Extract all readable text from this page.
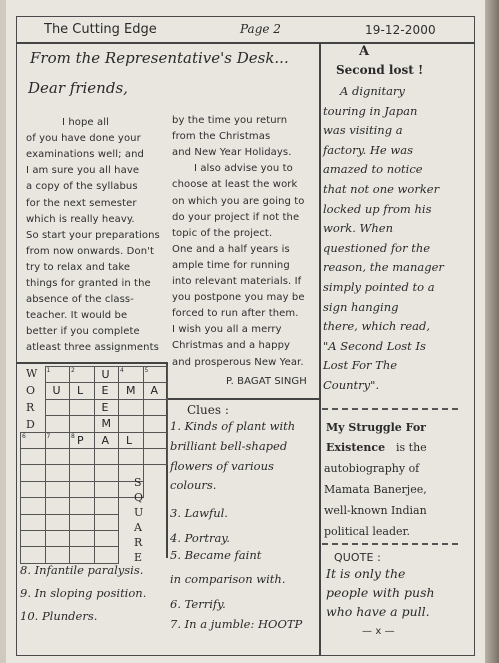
The Cutting Edge	Page 2	19-12-2000
From the Representative's Desk...
Dear friends,
I hope all
of you have done your
examinations well; and
I am sure you all have
a copy of the syllabus
for the next semester
which is really heavy.
So start your preparations
from now onwards. Don't
try to relax and take
things for granted in the
absence of the class-
teacher. It would be
better if you complete
atleast three assignments
by the time you return
from the Christmas
and New Year Holidays.
I also advise you to
choose at least the work
on which you are going to
do your project if not the
topic of the project.
One and a half years is
ample time for running
into relevant materials. If
you postpone you may be
forced to run after them.
I wish you all a merry
Christmas and a happy
and prosperous New Year.
P. BAGAT SINGH
A
Second lost !
A dignitary
touring in Japan
was visiting a
factory. He was
amazed to notice
that not one worker
locked up from his
work. When
questioned for the
reason, the manager
simply pointed to a
sign hanging
there, which read,
"A Second Lost Is
Lost For The
Country".
My Struggle For
Existence is the
autobiography of
Mamata Banerjee,
well-known Indian
political leader.
QUOTE :
It is only the
people with push
who have a pull.
— x —
U
U L E M A
E
M
P A L
1	2	4	5
6	7	8
W
O
R
D
S
Q
U
A
R
E
Clues :
1. Kinds of plant with
brilliant bell-shaped
flowers of various
colours.
3. Lawful.
4. Portray.
5. Became faint
in comparison with.
6. Terrify.
7. In a jumble: HOOTP
8. Infantile paralysis.
9. In sloping position.
10. Plunders.
